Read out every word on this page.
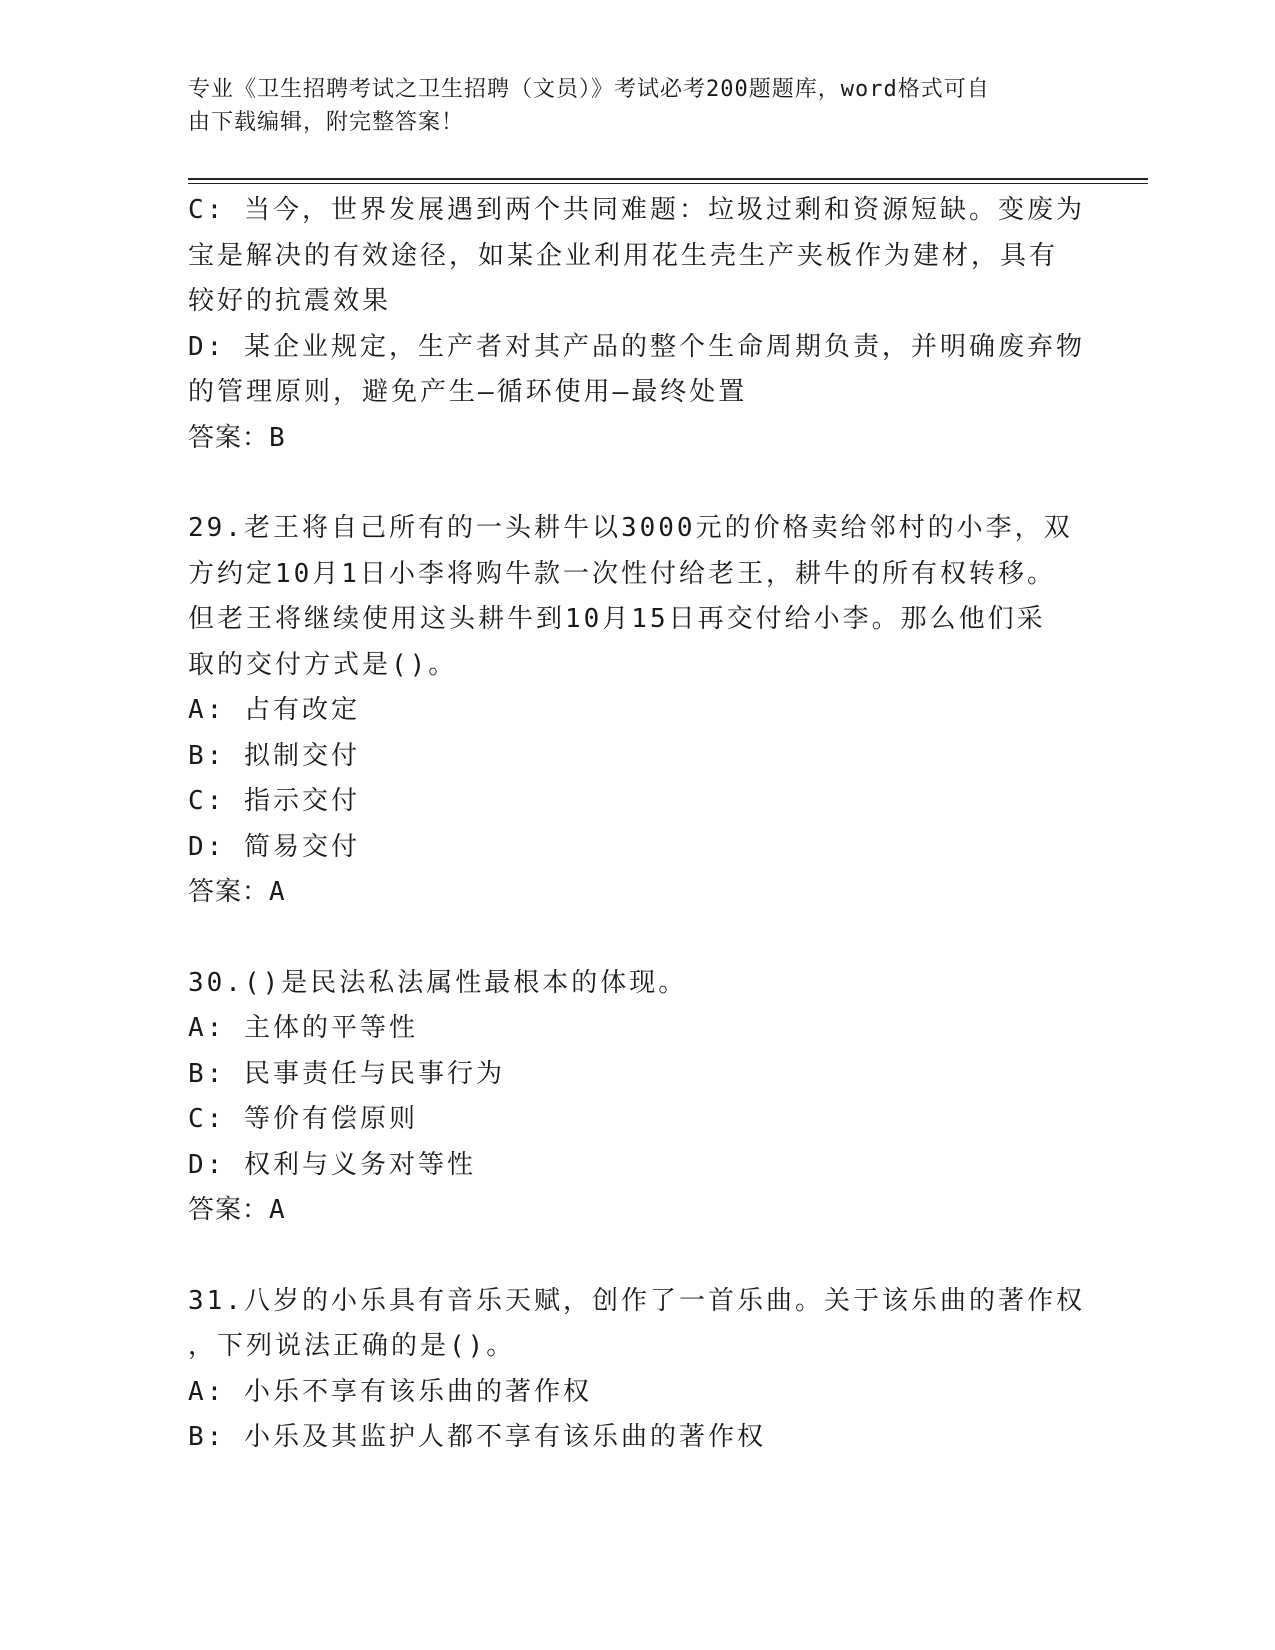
专业《卫生招聘考试之卫生招聘（文员）》考试必考200题题库，word格式可自
由下载编辑，附完整答案！

C: 当今，世界发展遇到两个共同难题：垃圾过剩和资源短缺。变废为

宝是解决的有效途径，如某企业利用花生壳生产夹板作为建材，具有

较好的抗震效果

D: 某企业规定，生产者对其产品的整个生命周期负责，并明确废弃物

的管理原则，避免产生—循环使用—最终处置

答案：B

29.老王将自己所有的一头耕牛以3000元的价格卖给邻村的小李，双

方约定10月1日小李将购牛款一次性付给老王，耕牛的所有权转移。

但老王将继续使用这头耕牛到10月15日再交付给小李。那么他们采

取的交付方式是()。

A: 占有改定

B: 拟制交付

C: 指示交付

D: 简易交付

答案：A

30.()是民法私法属性最根本的体现。

A: 主体的平等性

B: 民事责任与民事行为

C: 等价有偿原则

D: 权利与义务对等性

答案：A

31.八岁的小乐具有音乐天赋，创作了一首乐曲。关于该乐曲的著作权

，下列说法正确的是()。

A: 小乐不享有该乐曲的著作权

B: 小乐及其监护人都不享有该乐曲的著作权
